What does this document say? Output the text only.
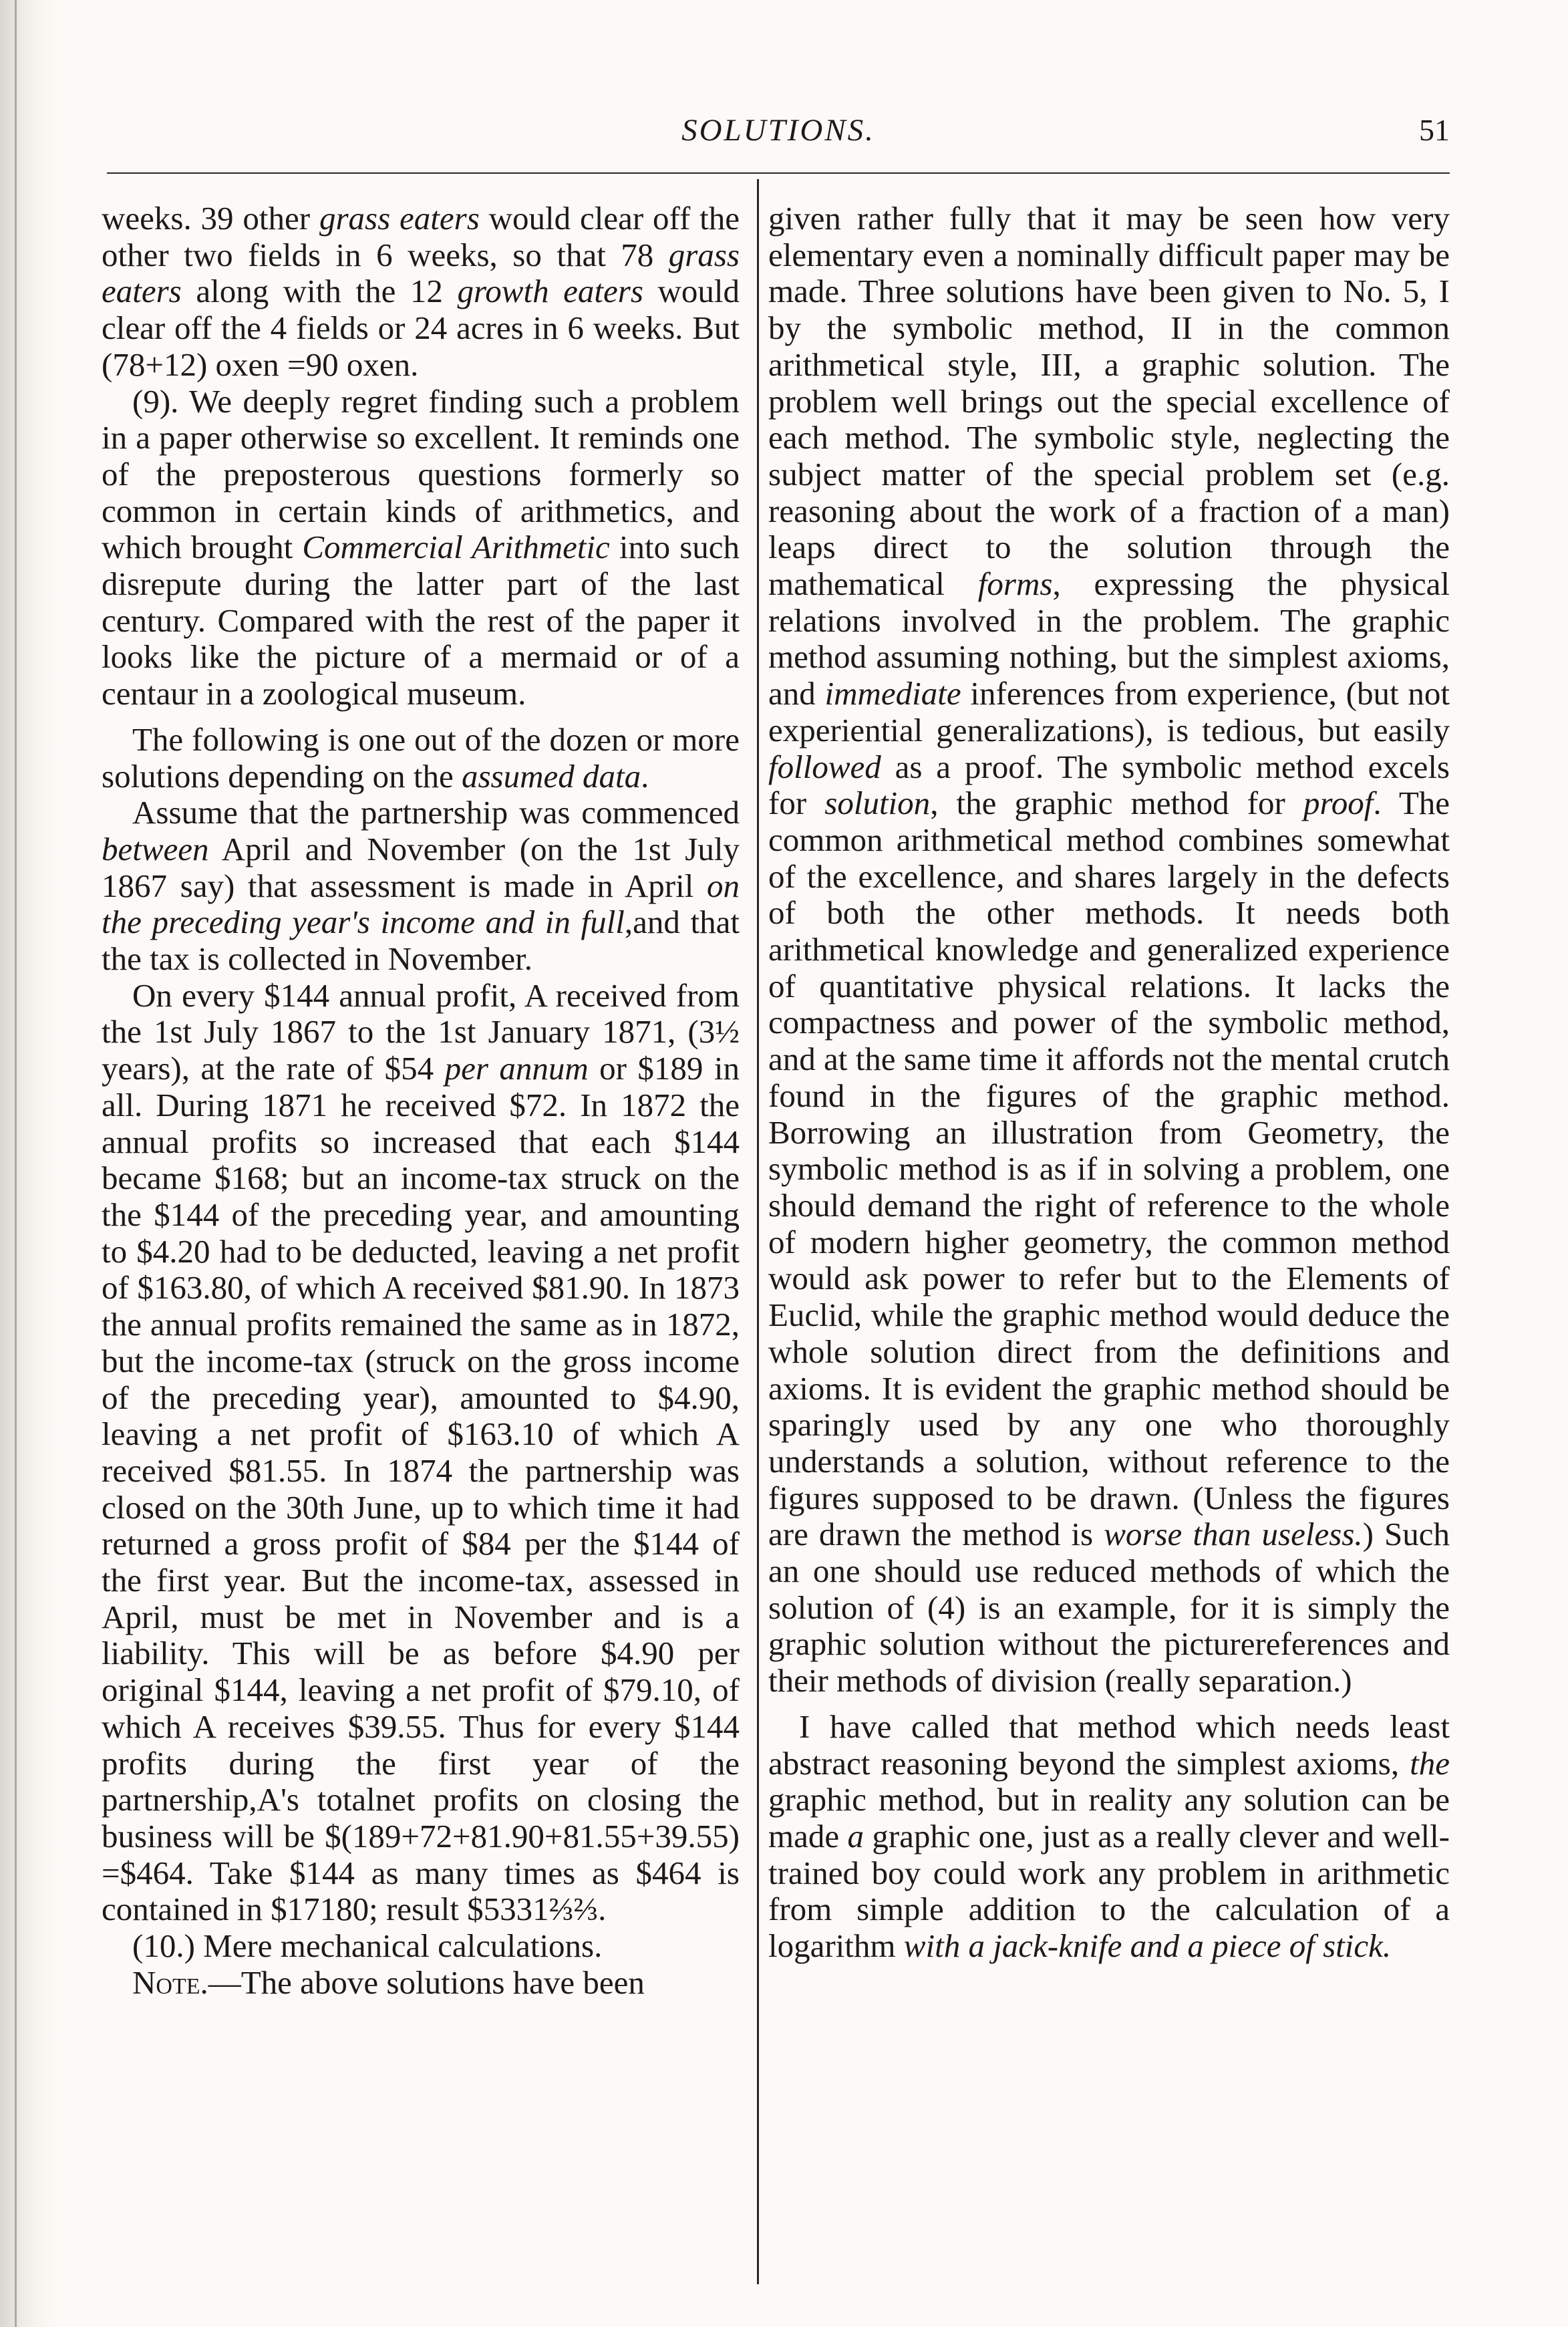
SOLUTIONS.	51

weeks. 39 other grass eaters would clear off the other two fields in 6 weeks, so that 78 grass eaters along with the 12 growth eaters would clear off the 4 fields or 24 acres in 6 weeks. But (78+12) oxen =90 oxen.

(9). We deeply regret finding such a problem in a paper otherwise so excellent. It reminds one of the preposterous questions formerly so common in certain kinds of arithmetics, and which brought Commercial Arithmetic into such disrepute during the latter part of the last century. Compared with the rest of the paper it looks like the picture of a mermaid or of a centaur in a zoological museum.

The following is one out of the dozen or more solutions depending on the assumed data.

Assume that the partnership was commenced between April and November (on the 1st July 1867 say) that assessment is made in April on the preceding year's income and in full,and that the tax is collected in November.

On every $144 annual profit, A received from the 1st July 1867 to the 1st January 1871, (3½ years), at the rate of $54 per annum or $189 in all. During 1871 he received $72. In 1872 the annual profits so increased that each $144 became $168; but an income-tax struck on the the $144 of the preceding year, and amounting to $4.20 had to be deducted, leaving a net profit of $163.80, of which A received $81.90. In 1873 the annual profits remained the same as in 1872, but the income-tax (struck on the gross income of the preceding year), amounted to $4.90, leaving a net profit of $163.10 of which A received $81.55. In 1874 the partnership was closed on the 30th June, up to which time it had returned a gross profit of $84 per the $144 of the first year. But the income-tax, assessed in April, must be met in November and is a liability. This will be as before $4.90 per original $144, leaving a net profit of $79.10, of which A receives $39.55. Thus for every $144 profits during the first year of the partnership,A's totalnet profits on closing the business will be $(189+72+81.90+81.55+39.55) =$464. Take $144 as many times as $464 is contained in $17180; result $5331⅔⅔.

(10.) Mere mechanical calculations.

Note.—The above solutions have been

given rather fully that it may be seen how very elementary even a nominally difficult paper may be made. Three solutions have been given to No. 5, I by the symbolic method, II in the common arithmetical style, III, a graphic solution. The problem well brings out the special excellence of each method. The symbolic style, neglecting the subject matter of the special problem set (e.g. reasoning about the work of a fraction of a man) leaps direct to the solution through the mathematical forms, expressing the physical relations involved in the problem. The graphic method assuming nothing, but the simplest axioms, and immediate inferences from experience, (but not experiential generalizations), is tedious, but easily followed as a proof. The symbolic method excels for solution, the graphic method for proof. The common arithmetical method combines somewhat of the excellence, and shares largely in the defects of both the other methods. It needs both arithmetical knowledge and generalized experience of quantitative physical relations. It lacks the compactness and power of the symbolic method, and at the same time it affords not the mental crutch found in the figures of the graphic method. Borrowing an illustration from Geometry, the symbolic method is as if in solving a problem, one should demand the right of reference to the whole of modern higher geometry, the common method would ask power to refer but to the Elements of Euclid, while the graphic method would deduce the whole solution direct from the definitions and axioms. It is evident the graphic method should be sparingly used by any one who thoroughly understands a solution, without reference to the figures supposed to be drawn. (Unless the figures are drawn the method is worse than useless.) Such an one should use reduced methods of which the solution of (4) is an example, for it is simply the graphic solution without the picturereferences and their methods of division (really separation.)

I have called that method which needs least abstract reasoning beyond the simplest axioms, the graphic method, but in reality any solution can be made a graphic one, just as a really clever and well-trained boy could work any problem in arithmetic from simple addition to the calculation of a logarithm with a jack-knife and a piece of stick.
